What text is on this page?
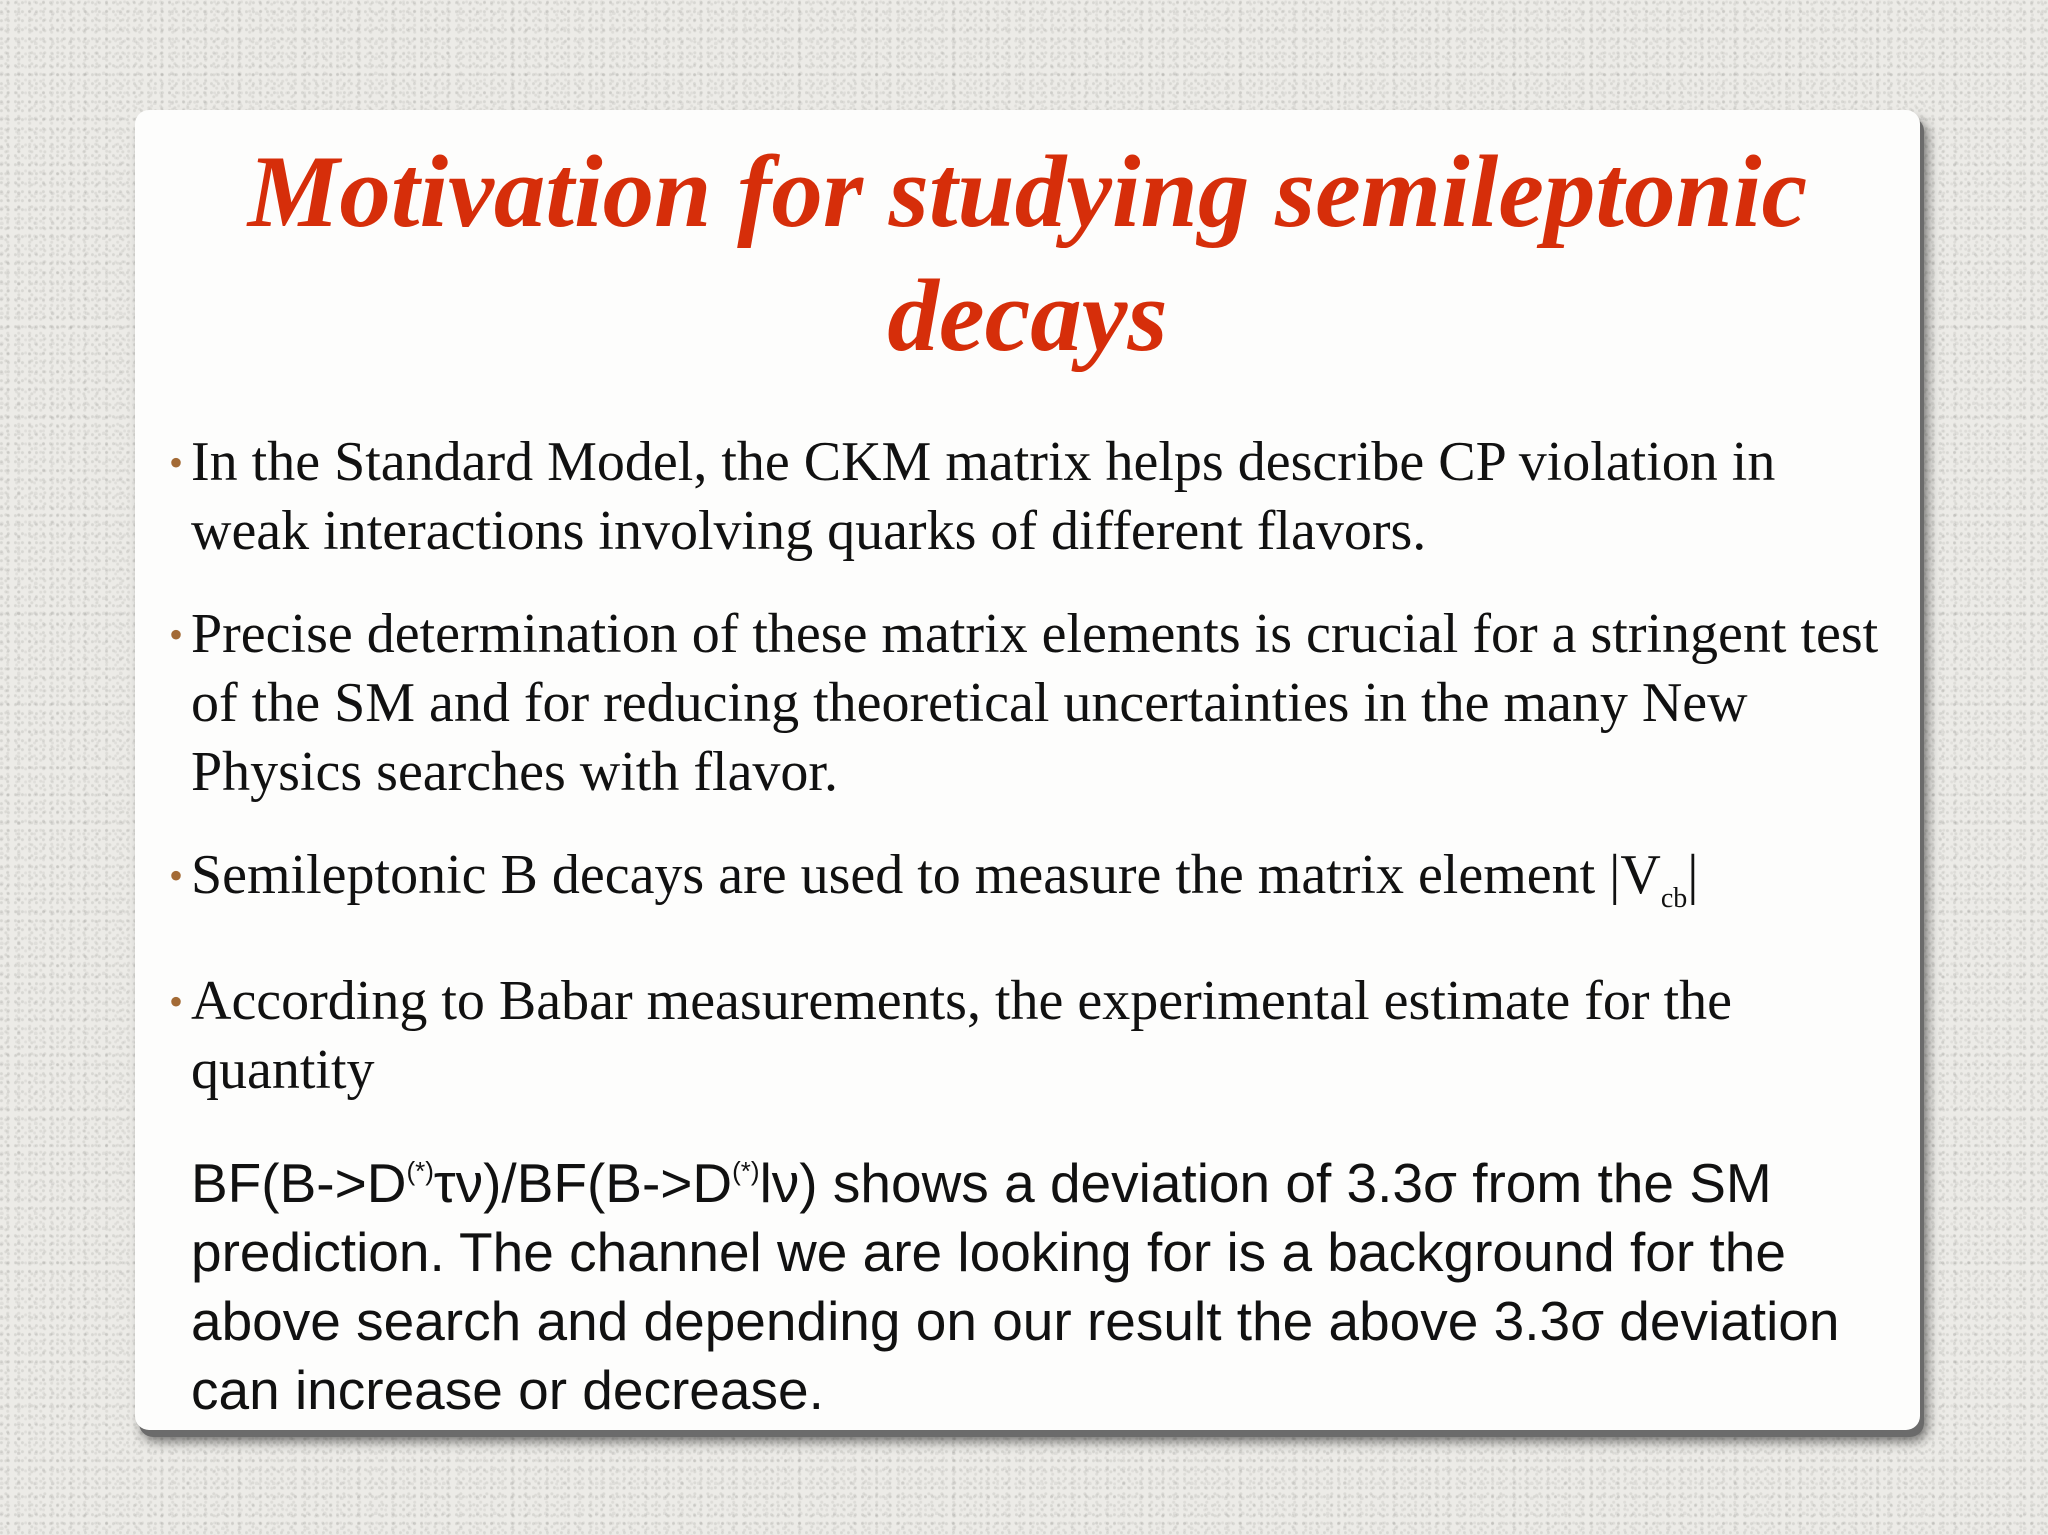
Motivation for studying semileptonic decays
• In the Standard Model, the CKM matrix helps describe CP violation in weak interactions involving quarks of different flavors.
• Precise determination of these matrix elements is crucial for a stringent test of the SM and for reducing theoretical uncertainties in the many New Physics searches with flavor.
• Semileptonic B decays are used to measure the matrix element $|V_{cb}|$
• According to Babar measurements, the experimental estimate for the quantity

BF(B->D(*)τν)/BF(B->D(*)lν) shows a deviation of 3.3σ from the SM prediction. The channel we are looking for is a background for the above search and depending on our result the above 3.3σ deviation can increase or decrease.
